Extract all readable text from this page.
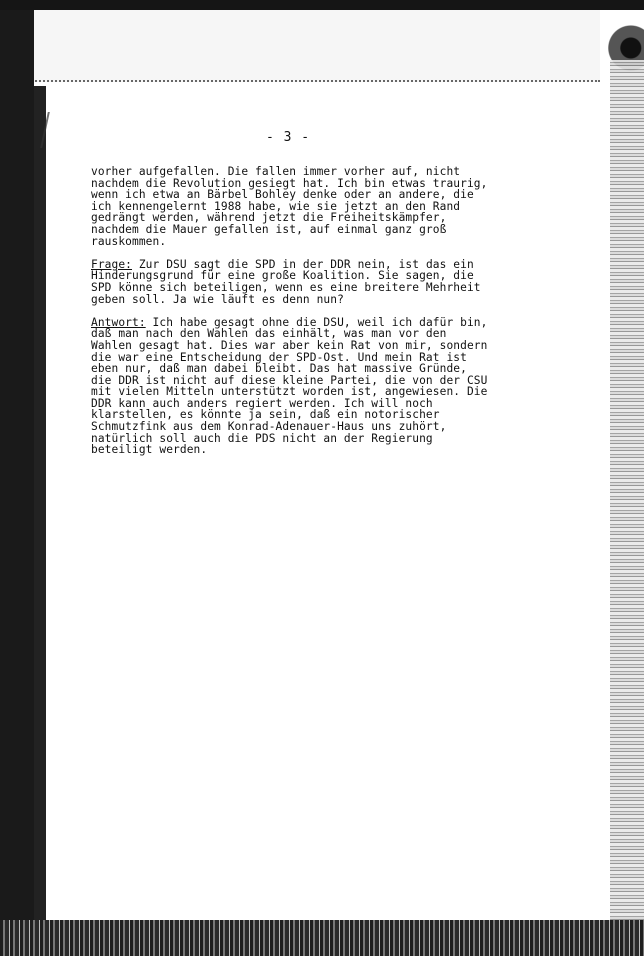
- 3 -

vorher aufgefallen. Die fallen immer vorher auf, nicht
nachdem die Revolution gesiegt hat. Ich bin etwas traurig,
wenn ich etwa an Bärbel Bohley denke oder an andere, die
ich kennengelernt 1988 habe, wie sie jetzt an den Rand
gedrängt werden, während jetzt die Freiheitskämpfer,
nachdem die Mauer gefallen ist, auf einmal ganz groß
rauskommen.

Frage: Zur DSU sagt die SPD in der DDR nein, ist das ein
Hinderungsgrund für eine große Koalition. Sie sagen, die
SPD könne sich beteiligen, wenn es eine breitere Mehrheit
geben soll. Ja wie läuft es denn nun?

Antwort: Ich habe gesagt ohne die DSU, weil ich dafür bin,
daß man nach den Wahlen das einhält, was man vor den
Wahlen gesagt hat. Dies war aber kein Rat von mir, sondern
die war eine Entscheidung der SPD-Ost. Und mein Rat ist
eben nur, daß man dabei bleibt. Das hat massive Gründe,
die DDR ist nicht auf diese kleine Partei, die von der CSU
mit vielen Mitteln unterstützt worden ist, angewiesen. Die
DDR kann auch anders regiert werden. Ich will noch
klarstellen, es könnte ja sein, daß ein notorischer
Schmutzfink aus dem Konrad-Adenauer-Haus uns zuhört,
natürlich soll auch die PDS nicht an der Regierung
beteiligt werden.
